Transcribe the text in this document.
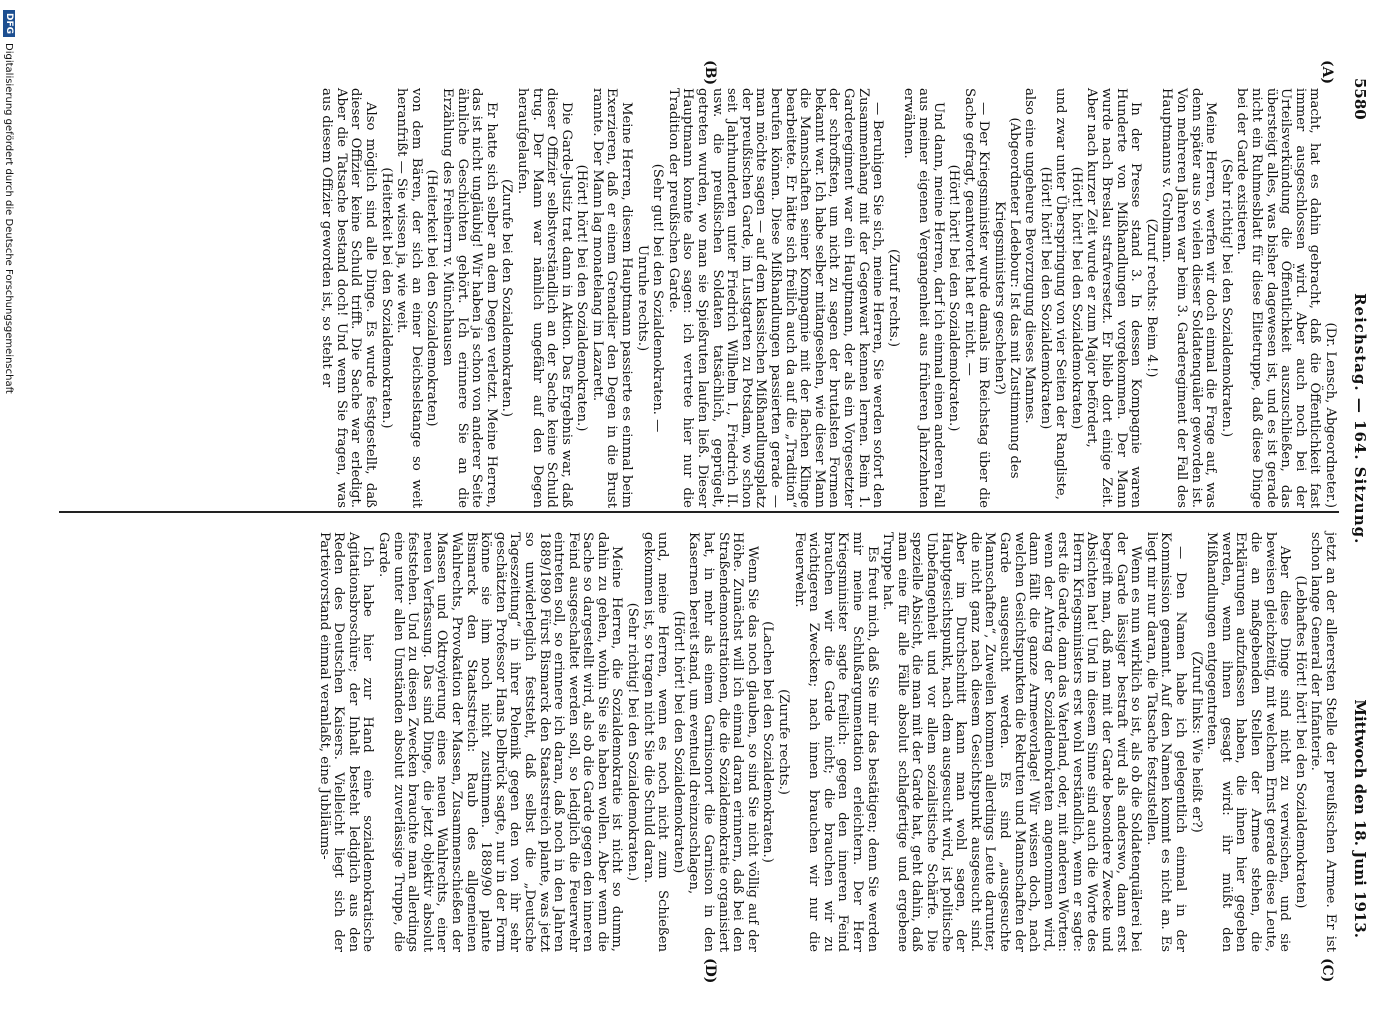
5580
Reichstag. — 164. Sitzung.
Mittwoch den 18. Juni 1913.
(A)
(B)
(C)
(D)

(Dr. Lensch, Abgeordneter.)

macht, hat es dahin gebracht, daß die Öffentlichkeit fast immer ausgeschlossen wird. Aber auch noch bei der Urteilsverkündung die Öffentlichkeit auszuschließen, das übersteigt alles, was bisher dagewesen ist, und es ist gerade nicht ein Ruhmesblatt für diese Elitetruppe, daß diese Dinge bei der Garde existieren.

(Sehr richtig! bei den Sozialdemokraten.)

Meine Herren, werfen wir doch einmal die Frage auf, was denn später aus so vielen dieser Soldatenquäler geworden ist. Von mehreren Jahren war beim 3. Garderegiment der Fall des Hauptmanns v. Grolmann.

(Zuruf rechts: Beim 4.!)

In der Presse stand 3. In dessen Kompagnie waren Hunderte von Mißhandlungen vorgekommen. Der Mann wurde nach Breslau strafversetzt. Er blieb dort einige Zeit. Aber nach kurzer Zeit wurde er zum Major befördert,

(Hört! hört! bei den Sozialdemokraten)

und zwar unter Überspringung von vier Seiten der Rangliste,

(Hört! hört! bei den Sozialdemokraten)

also eine ungeheure Bevorzugung dieses Mannes.

(Abgeordneter Ledebour: Ist das mit Zustimmung des Kriegsministers geschehen?)

— Der Kriegsminister wurde damals im Reichstag über die Sache gefragt, geantwortet hat er nicht. —

(Hört! hört! bei den Sozialdemokraten.)

Und dann, meine Herren, darf ich einmal einen anderen Fall aus meiner eigenen Vergangenheit aus früheren Jahrzehnten erwähnen.

(Zuruf rechts.)

— Beruhigen Sie sich, meine Herren, Sie werden sofort den Zusammenhang mit der Gegenwart kennen lernen. Beim 1. Garderegiment war ein Hauptmann, der als ein Vorgesetzter der schroffsten, um nicht zu sagen der brutalsten Formen bekannt war. Ich habe selber mitangesehen, wie dieser Mann die Mannschaften seiner Kompagnie mit der flachen Klinge bearbeitete. Er hätte sich freilich auch da auf die „Tradition“ berufen können. Diese Mißhandlungen passierten gerade — man möchte sagen — auf dem klassischen Mißhandlungsplatz der preußischen Garde, im Lustgarten zu Potsdam, wo schon seit Jahrhunderten unter Friedrich Wilhelm I., Friedrich II. usw. die preußischen Soldaten tatsächlich, geprügelt, getreten wurden, wo man sie Spießruten laufen ließ. Dieser Hauptmann konnte also sagen: ich vertrete hier nur die Tradition der preußischen Garde.

(Sehr gut! bei den Sozialdemokraten. —

Unruhe rechts.)

Meine Herren, diesem Hauptmann passierte es einmal beim Exerzieren, daß er einem Grenadier den Degen in die Brust rannte. Der Mann lag monatelang im Lazarett.

(Hört! hört! bei den Sozialdemokraten.)

Die Garde-Justiz trat dann in Aktion. Das Ergebnis war, daß dieser Offizier selbstverständlich an der Sache keine Schuld trug. Der Mann war nämlich ungefähr auf den Degen heraufgelaufen.

(Zurufe bei den Sozialdemokraten.)

Er hatte sich selber an dem Degen verletzt. Meine Herren, das ist nicht ungläubig! Wir haben ja schon von anderer Seite ähnliche Geschichten gehört. Ich erinnere Sie an die Erzählung des Freiherrn v. Münchhausen

(Heiterkeit bei den Sozialdemokraten)

von dem Bären, der sich an einer Deichselstange so weit heranfrißt — Sie wissen ja, wie weit.

(Heiterkeit bei den Sozialdemokraten.)

Also möglich sind alle Dinge. Es wurde festgestellt, daß dieser Offizier keine Schuld trifft. Die Sache war erledigt. Aber die Tatsache bestand doch! Und wenn Sie fragen, was aus diesem Offizier geworden ist, so steht er

jetzt an der allerersten Stelle der preußischen Armee. Er ist schon lange General der Infanterie.

(Lebhaftes Hört! hört! bei den Sozialdemokraten)

Aber diese Dinge sind nicht zu verwischen, und sie beweisen gleichzeitig, mit welchem Ernst gerade diese Leute, die an maßgebenden Stellen der Armee stehen, die Erklärungen aufzufassen haben, die ihnen hier gegeben werden, wenn ihnen gesagt wird: ihr müßt den Mißhandlungen entgegentreten.

(Zuruf links: Wie heißt er?)

— Den Namen habe ich gelegentlich einmal in der Kommission genannt. Auf den Namen kommt es nicht an. Es liegt mir nur daran, die Tatsache festzustellen.

Wenn es nun wirklich so ist, als ob die Soldatenquälerei bei der Garde lässiger bestraft wird als anderswo, dann erst begreift man, daß man mit der Garde besondere Zwecke und Absichten hat! Und in diesem Sinne sind auch die Worte des Herrn Kriegsministers erst wohl verständlich, wenn er sagte: erst die Garde, dann das Vaterland, oder, mit anderen Worten: wenn der Antrag der Sozialdemokraten angenommen wird, dann fällt die ganze Armeevorlage! Wir wissen doch, nach welchen Gesichtspunkten die Rekruten und Mannschaften der Garde ausgesucht werden. Es sind „ausgesuchte Mannschaften“, Zuweilen kommen allerdings Leute darunter, die nicht ganz nach diesem Gesichtspunkt ausgesucht sind. Aber im Durchschnitt kann man wohl sagen, der Hauptgesichtspunkt, nach dem ausgesucht wird, ist politische Unbefangenheit und vor allem sozialistische Schärfe. Die spezielle Absicht, die man mit der Garde hat, geht dahin, daß man eine für alle Fälle absolut schlagfertige und ergebene Truppe hat.

Es freut mich, daß Sie mir das bestätigen; denn Sie werden mir meine Schlußargumentation erleichtern. Der Herr Kriegsminister sagte freilich: gegen den inneren Feind brauchen wir die Garde nicht; die brauchen wir zu wichtigeren Zwecken; nach innen brauchen wir nur die Feuerwehr.

(Zurufe rechts.)

(Lachen bei den Sozialdemokraten.)

Wenn Sie das noch glauben, so sind Sie nicht völlig auf der Höhe. Zunächst will ich einmal daran erinnern, daß bei den Straßendemonstrationen, die die Sozialdemokratie organisiert hat, in mehr als einem Garnisonort die Garnison in den Kasernen bereit stand, um eventuell dreinzuschlagen,

(Hört! hört! bei den Sozialdemokraten)

und, meine Herren, wenn es noch nicht zum Schießen gekommen ist, so tragen nicht Sie die Schuld daran.

(Sehr richtig! bei den Sozialdemokraten.)

Meine Herren, die Sozialdemokratie ist nicht so dumm, dahin zu gehen, wohin Sie sie haben wollen. Aber wenn die Sache so dargestellt wird, als ob die Garde gegen den inneren Feind ausgeschaltet werden soll, so lediglich die Feuerwehr eintreten soll, so erinnere ich daran, daß noch in den Jahren 1889/1890 Fürst Bismarck den Staatsstreich plante, was jetzt so unwiderleglich feststeht, daß selbst die „Deutsche Tageszeitung“ in ihrer Polemik gegen den von ihr sehr geschätzten Professor Hans Delbrück sagte, nur in der Form könne sie ihm noch nicht zustimmen. 1889/90 plante Bismarck den Staatsstreich: Raub des allgemeinen Wahlrechts, Provokation der Massen, Zusammenschießen der Massen und Oktroyierung eines neuen Wahlrechts, einer neuen Verfassung. Das sind Dinge, die jetzt objektiv absolut feststehen. Und zu diesen Zwecken brauchte man allerdings eine unter allen Umständen absolut zuverlässige Truppe, die Garde.

Ich habe hier zur Hand eine sozialdemokratische Agitationsbroschüre; der Inhalt besteht lediglich aus den Reden des Deutschen Kaisers. Vielleicht liegt sich der Parteivorstand einmal veranlaßt, eine Jubiläums-

DFG
Digitalisierung gefördert durch die Deutsche Forschungsgemeinschaft
